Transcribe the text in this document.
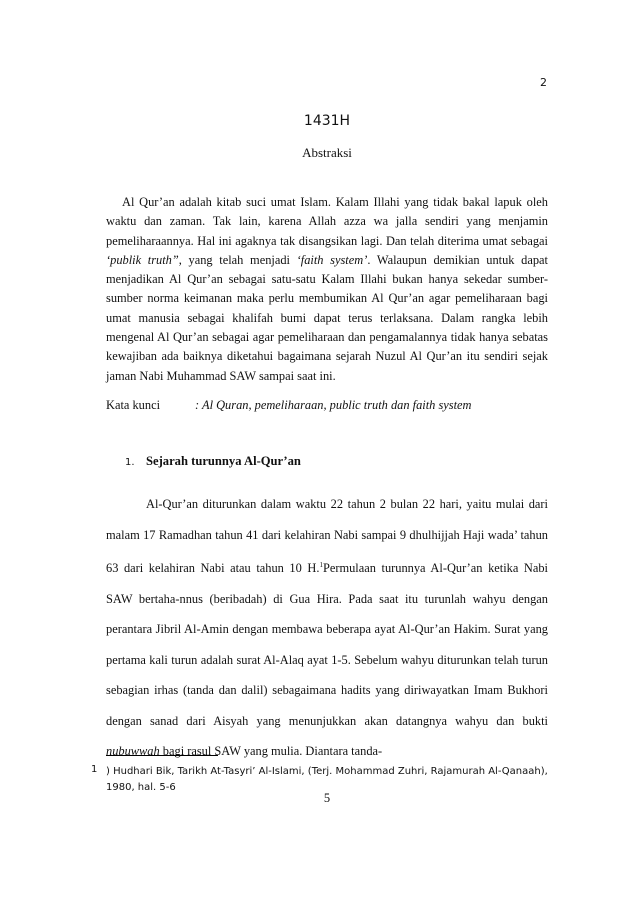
2
1431H
Abstraksi

Al Qur’an adalah kitab suci umat Islam. Kalam Illahi yang tidak bakal lapuk oleh waktu dan zaman. Tak lain, karena Allah azza wa jalla sendiri yang menjamin pemeliharaannya. Hal ini agaknya tak disangsikan lagi. Dan telah diterima umat sebagai ‘publik truth”, yang telah menjadi ‘faith system’. Walaupun demikian untuk dapat menjadikan Al Qur’an sebagai satu-satu Kalam Illahi bukan hanya sekedar sumber-sumber norma keimanan maka perlu membumikan Al Qur’an agar pemeliharaan bagi umat manusia sebagai khalifah bumi dapat terus terlaksana. Dalam rangka lebih mengenal Al Qur’an sebagai agar pemeliharaan dan pengamalannya tidak hanya sebatas kewajiban ada baiknya diketahui bagaimana sejarah Nuzul Al Qur’an itu sendiri sejak jaman Nabi Muhammad SAW sampai saat ini.

Kata kunci	: Al Quran, pemeliharaan, public truth dan faith system
1. Sejarah turunnya Al-Qur’an

Al-Qur’an diturunkan dalam waktu 22 tahun 2 bulan 22 hari, yaitu mulai dari malam 17 Ramadhan tahun 41 dari kelahiran Nabi sampai 9 dhulhijjah Haji wada’ tahun 63 dari kelahiran Nabi atau tahun 10 H.$^1$Permulaan turunnya Al-Qur’an ketika Nabi SAW bertaha-nnus (beribadah) di Gua Hira. Pada saat itu turunlah wahyu dengan perantara Jibril Al-Amin dengan membawa beberapa ayat Al-Qur’an Hakim. Surat yang pertama kali turun adalah surat Al-Alaq ayat 1-5. Sebelum wahyu diturunkan telah turun sebagian irhas (tanda dan dalil) sebagaimana hadits yang diriwayatkan Imam Bukhori dengan sanad dari Aisyah yang menunjukkan akan datangnya wahyu dan bukti nubuwwah bagi rasul SAW yang mulia. Diantara tanda-

1 ) Hudhari Bik, Tarikh At-Tasyri’ Al-Islami, (Terj. Mohammad Zuhri, Rajamurah Al-Qanaah), 1980, hal. 5-6

5
